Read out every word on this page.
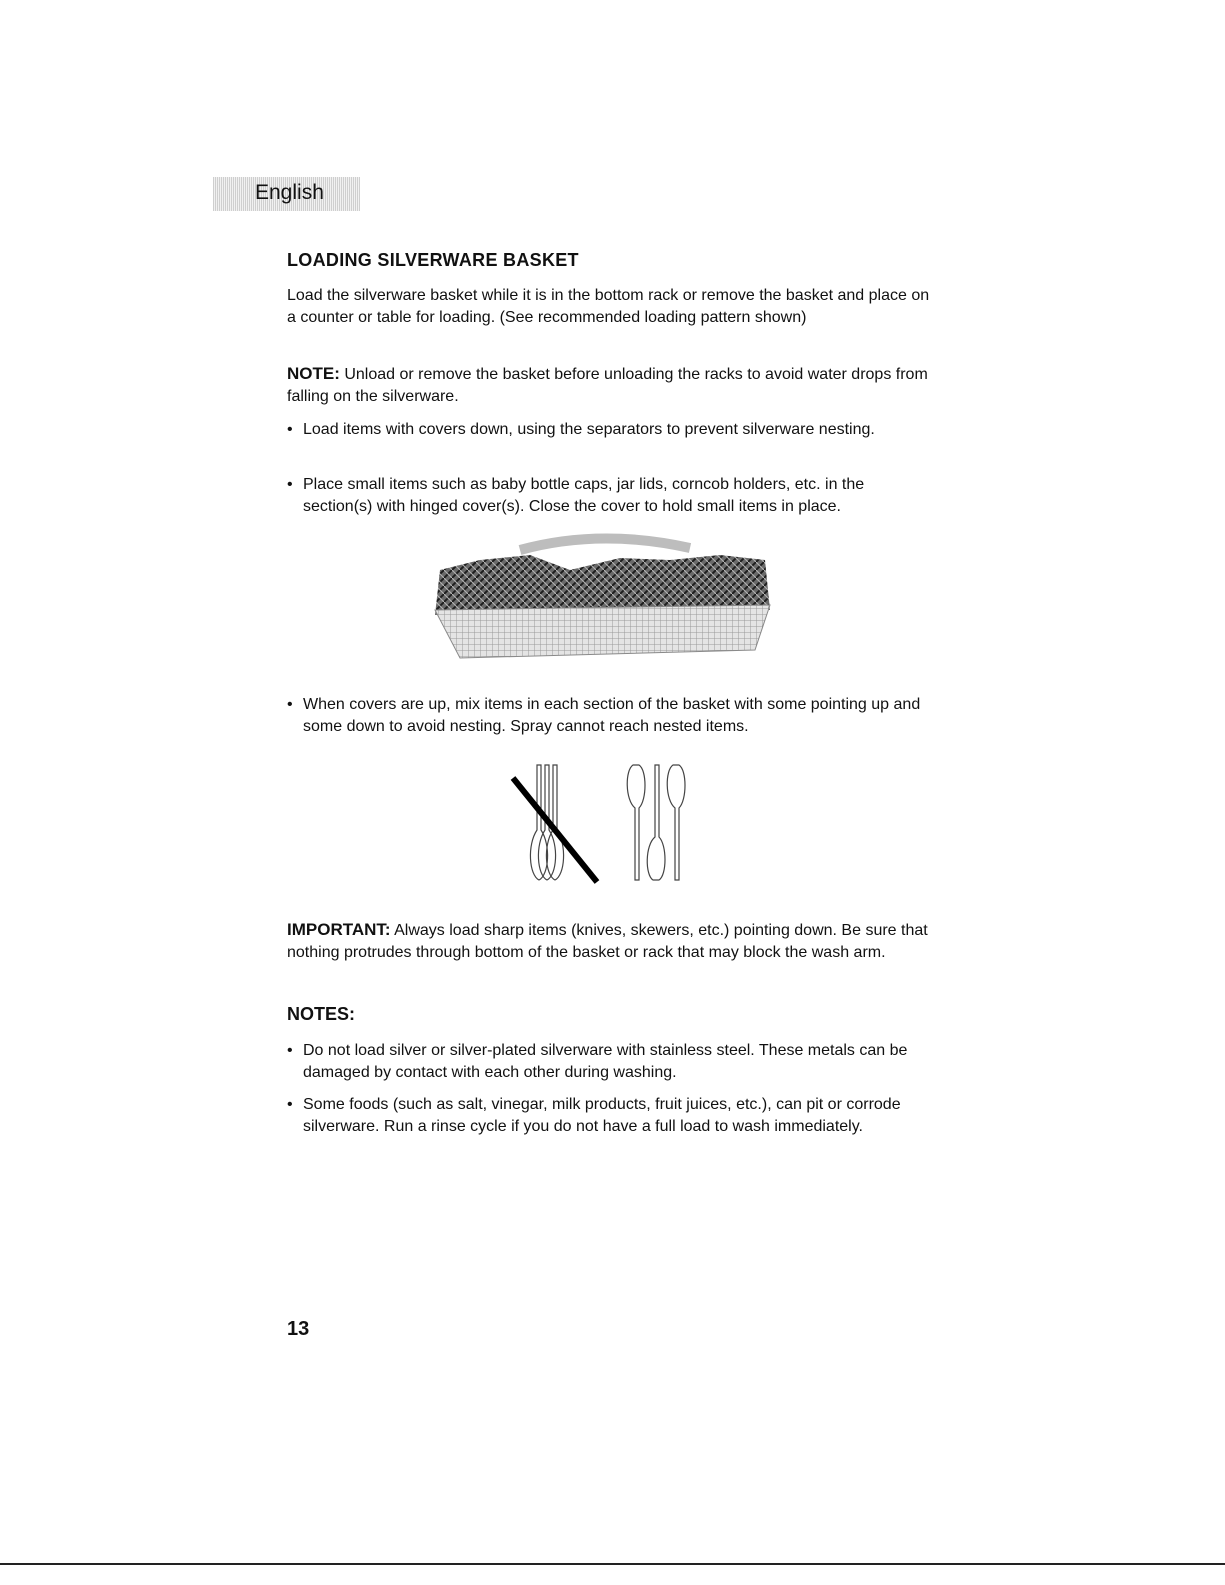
English
LOADING SILVERWARE BASKET
Load the silverware basket while it is in the bottom rack or remove the basket and place on a counter or table for loading. (See recommended loading pattern shown)
NOTE: Unload or remove the basket before unloading the racks to avoid water drops from falling on the silverware.
• Load items with covers down, using the separators to prevent silverware nesting.
• Place small items such as baby bottle caps, jar lids, corncob holders, etc. in the section(s) with hinged cover(s). Close the cover to hold small items in place.
• When covers are up, mix items in each section of the basket with some pointing up and some down to avoid nesting. Spray cannot reach nested items.
IMPORTANT: Always load sharp items (knives, skewers, etc.) pointing down. Be sure that nothing protrudes through bottom of the basket or rack that may block the wash arm.
NOTES:
• Do not load silver or silver-plated silverware with stainless steel. These metals can be damaged by contact with each other during washing.
• Some foods (such as salt, vinegar, milk products, fruit juices, etc.), can pit or corrode silverware. Run a rinse cycle if you do not have a full load to wash immediately.
13
